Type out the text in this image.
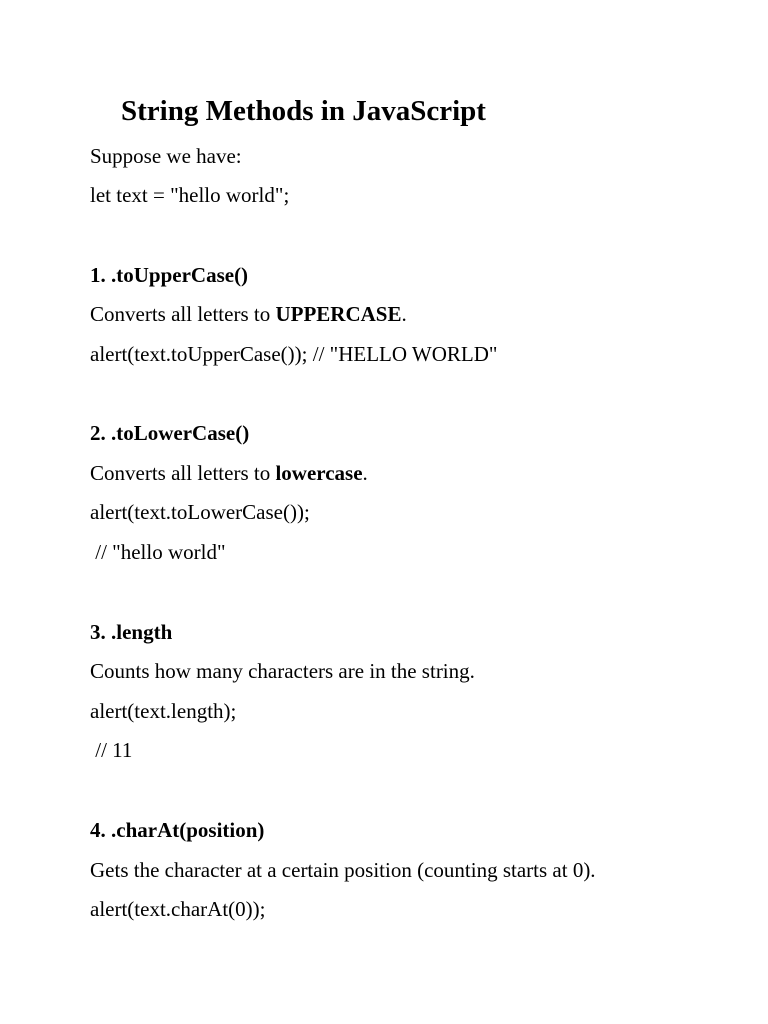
String Methods in JavaScript

Suppose we have:

let text = "hello world";

1. .toUpperCase()

Converts all letters to UPPERCASE.

alert(text.toUpperCase()); // "HELLO WORLD"

2. .toLowerCase()

Converts all letters to lowercase.

alert(text.toLowerCase());

// "hello world"

3. .length

Counts how many characters are in the string.

alert(text.length);

// 11

4. .charAt(position)

Gets the character at a certain position (counting starts at 0).

alert(text.charAt(0));
